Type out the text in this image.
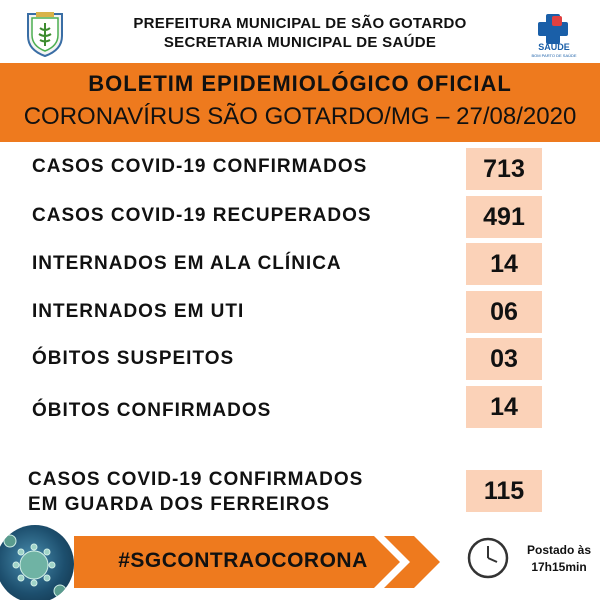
PREFEITURA MUNICIPAL DE SÃO GOTARDO
SECRETARIA MUNICIPAL DE SAÚDE	SAÚDE
BOM PARTO DE SAÚDE
BOLETIM EPIDEMIOLÓGICO OFICIAL
CORONAVÍRUS SÃO GOTARDO/MG – 27/08/2020
CASOS COVID-19 CONFIRMADOS	713
CASOS COVID-19 RECUPERADOS	491
INTERNADOS EM ALA CLÍNICA	14
INTERNADOS EM UTI	06
ÓBITOS SUSPEITOS	03
ÓBITOS CONFIRMADOS	14
CASOS COVID-19 CONFIRMADOS
EM GUARDA DOS FERREIROS	115
#SGCONTRAOCORONA	Postado às
17h15min
